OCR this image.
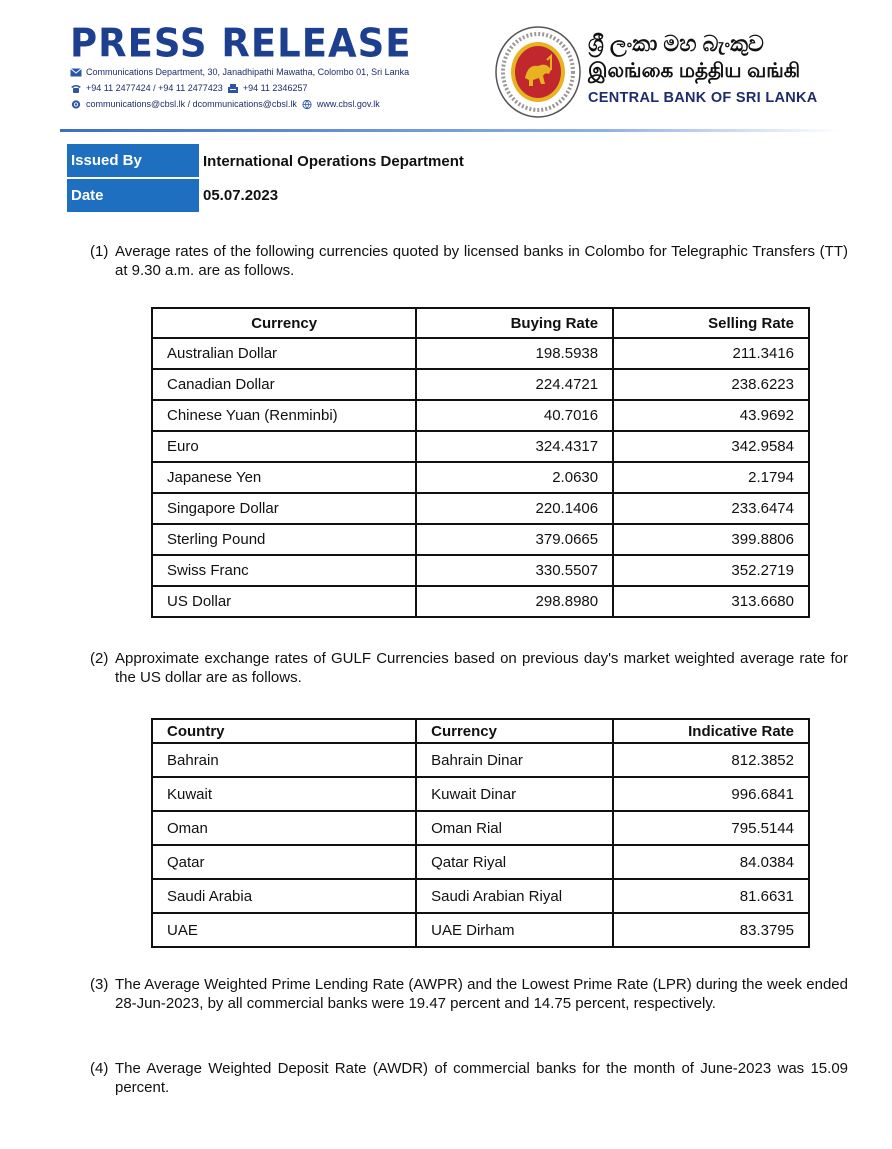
PRESS RELEASE
Communications Department, 30, Janadhipathi Mawatha, Colombo 01, Sri Lanka
+94 11 2477424 / +94 11 2477423 +94 11 2346257
communications@cbsl.lk / dcommunications@cbsl.lk www.cbsl.gov.lk
ශ්‍රී ලංකා මහ බැංකුව
இலங்கை மத்திய வங்கி
CENTRAL BANK OF SRI LANKA
Issued By	International Operations Department
Date	05.07.2023
(1) Average rates of the following currencies quoted by licensed banks in Colombo for Telegraphic Transfers (TT) at 9.30 a.m. are as follows.
Currency	Buying Rate	Selling Rate
Australian Dollar	198.5938	211.3416
Canadian Dollar	224.4721	238.6223
Chinese Yuan (Renminbi)	40.7016	43.9692
Euro	324.4317	342.9584
Japanese Yen	2.0630	2.1794
Singapore Dollar	220.1406	233.6474
Sterling Pound	379.0665	399.8806
Swiss Franc	330.5507	352.2719
US Dollar	298.8980	313.6680
(2) Approximate exchange rates of GULF Currencies based on previous day's market weighted average rate for the US dollar are as follows.
Country	Currency	Indicative Rate
Bahrain	Bahrain Dinar	812.3852
Kuwait	Kuwait Dinar	996.6841
Oman	Oman Rial	795.5144
Qatar	Qatar Riyal	84.0384
Saudi Arabia	Saudi Arabian Riyal	81.6631
UAE	UAE Dirham	83.3795
(3) The Average Weighted Prime Lending Rate (AWPR) and the Lowest Prime Rate (LPR) during the week ended 28-Jun-2023, by all commercial banks were 19.47 percent and 14.75 percent, respectively.
(4) The Average Weighted Deposit Rate (AWDR) of commercial banks for the month of June-2023 was 15.09 percent.
